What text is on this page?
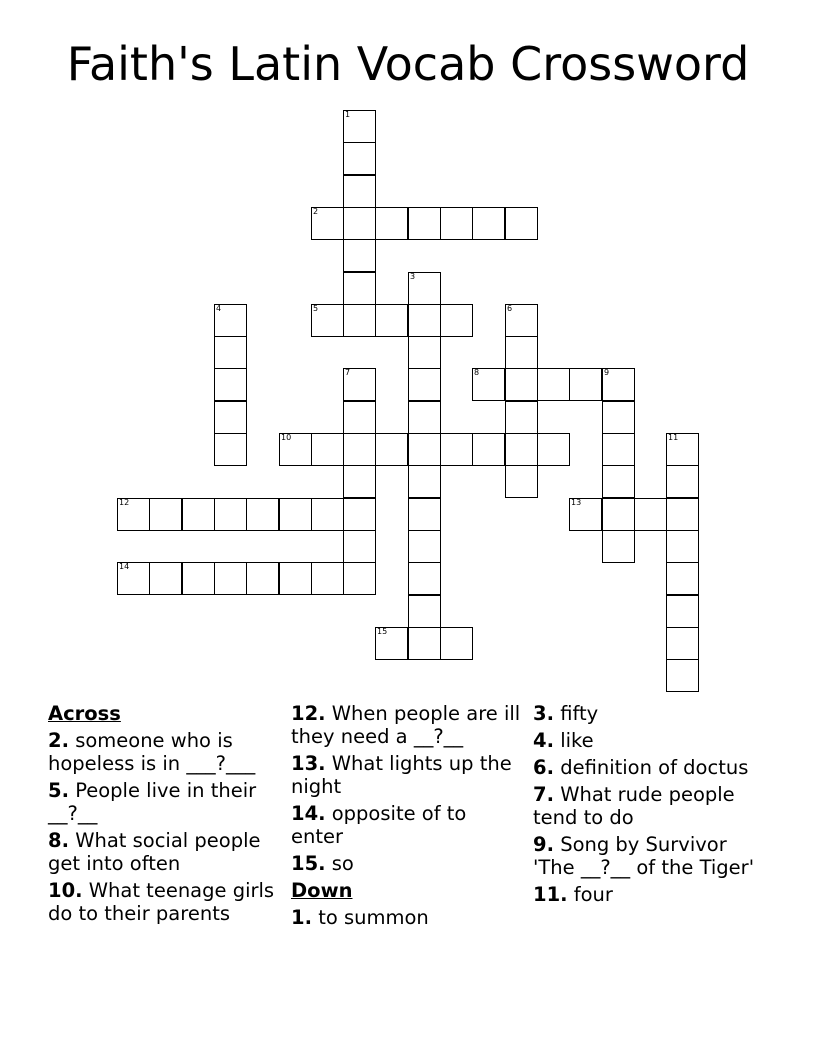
Faith's Latin Vocab Crossword
1
2
3
4	5	6
7	8	9
10	11
12	13
14
15
Across
2. someone who is hopeless is in ___?___
5. People live in their __?__
8. What social people get into often
10. What teenage girls do to their parents
12. When people are ill they need a __?__
13. What lights up the night
14. opposite of to enter
15. so
Down
1. to summon
3. fifty
4. like
6. definition of doctus
7. What rude people tend to do
9. Song by Survivor 'The __?__ of the Tiger'
11. four
